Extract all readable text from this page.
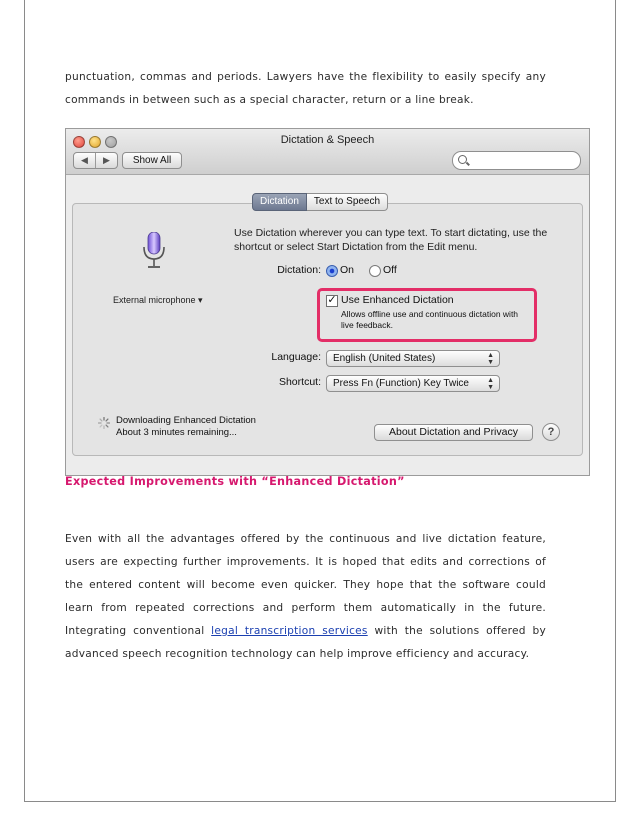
punctuation, commas and periods. Lawyers have the flexibility to easily specify any commands in between such as a special character, return or a line break.

Dictation & Speech
◀	▶	Show All
Dictation	Text to Speech
External microphone ▾
Use Dictation wherever you can type text. To start dictating, use the shortcut or select Start Dictation from the Edit menu.
Dictation: On	Off
✓ Use Enhanced Dictation
Allows offline use and continuous dictation with live feedback.
Language:	English (United States)	▲
▼
Shortcut:	Press Fn (Function) Key Twice	▲
▼
Downloading Enhanced Dictation
About 3 minutes remaining...	About Dictation and Privacy	?
Expected Improvements with “Enhanced Dictation”

Even with all the advantages offered by the continuous and live dictation feature, users are expecting further improvements. It is hoped that edits and corrections of the entered content will become even quicker. They hope that the software could learn from repeated corrections and perform them automatically in the future. Integrating conventional legal transcription services with the solutions offered by advanced speech recognition technology can help improve efficiency and accuracy.
